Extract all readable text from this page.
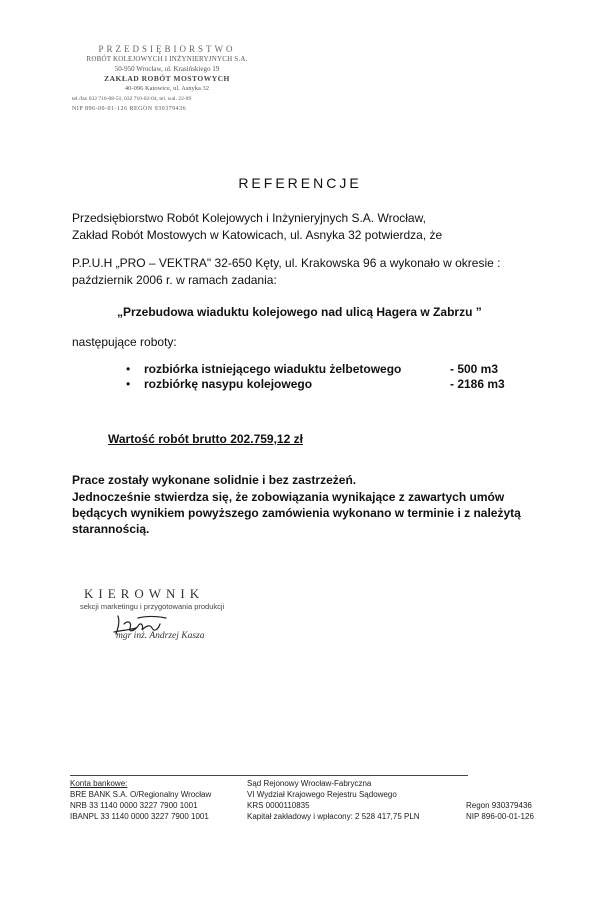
PRZEDSIĘBIORSTWO
ROBÓT KOLEJOWYCH I INŻYNIERYJNYCH S.A.
50-950 Wrocław, ul. Krasińskiego 19
ZAKŁAD ROBÓT MOSTOWYCH
40-096 Katowice, ul. Asnyka 32
tel./fax 032 710-08-51, 032 710-02-04, tel. wal. 22-09
NIP 896-00-01-126 REGON 930379436
REFERENCJE
Przedsiębiorstwo Robót Kolejowych i Inżynieryjnych S.A. Wrocław,
Zakład Robót Mostowych w Katowicach, ul. Asnyka 32 potwierdza, że
P.P.U.H „PRO – VEKTRA" 32-650 Kęty, ul. Krakowska 96 a wykonało w okresie :
październik 2006 r. w ramach zadania:
„Przebudowa wiaduktu kolejowego nad ulicą Hagera w Zabrzu ”
następujące roboty:
• rozbiórka istniejącego wiaduktu żelbetowego	- 500 m3
• rozbiórkę nasypu kolejowego	- 2186 m3
Wartość robót brutto 202.759,12 zł
Prace zostały wykonane solidnie i bez zastrzeżeń.
Jednocześnie stwierdza się, że zobowiązania wynikające z zawartych umów
będących wynikiem powyższego zamówienia wykonano w terminie i z należytą
starannością.
KIEROWNIK
sekcji marketingu i przygotowania produkcji
mgr inż. Andrzej Kasza
Konta bankowe:
BRE BANK S.A. O/Regionalny Wrocław
NRB 33 1140 0000 3227 7900 1001
IBANPL 33 1140 0000 3227 7900 1001
Sąd Rejonowy Wrocław-Fabryczna
VI Wydział Krajowego Rejestru Sądowego
KRS 0000110835
Kapitał zakładowy i wpłacony: 2 528 417,75 PLN
Regon 930379436
NIP 896-00-01-126
